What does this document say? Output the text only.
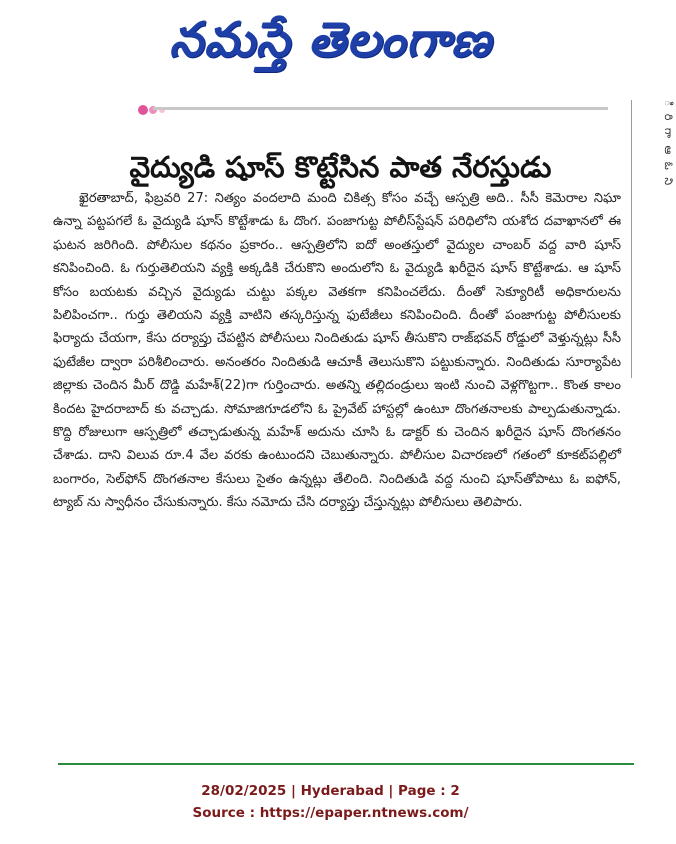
నమస్తే తెలంగాణ
వైద్యుడి షూస్ కొట్టేసిన పాత నేరస్తుడు

ఖైరతాబాద్, ఫిబ్రవరి 27: నిత్యం వందలాది మంది చికిత్స కోసం వచ్చే ఆస్పత్రి అది.. సీసీ కెమెరాల నిఘా ఉన్నా పట్టపగలే ఓ వైద్యుడి షూస్ కొట్టేశాడు ఓ దొంగ. పంజాగుట్ట పోలీస్‌స్టేషన్ పరిధిలోని యశోద దవాఖానలో ఈ ఘటన జరిగింది. పోలీసుల కథనం ప్రకారం.. ఆస్పత్రిలోని ఐదో అంతస్తులో వైద్యుల చాంబర్ వద్ద వారి షూస్ కనిపించింది. ఓ గుర్తుతెలియని వ్యక్తి అక్కడికి చేరుకొని అందులోని ఓ వైద్యుడి ఖరీదైన షూస్ కొట్టేశాడు. ఆ షూస్ కోసం బయటకు వచ్చిన వైద్యుడు చుట్టు పక్కల వెతకగా కనిపించలేదు. దీంతో సెక్యూరిటీ అధికారులను పిలిపించగా.. గుర్తు తెలియని వ్యక్తి వాటిని తస్కరిస్తున్న ఫుటేజీలు కనిపించింది. దీంతో పంజాగుట్ట పోలీసులకు ఫిర్యాదు చేయగా, కేసు దర్యాప్తు చేపట్టిన పోలీసులు నిందితుడు షూస్ తీసుకొని రాజ్‌భవన్ రోడ్డులో వెళ్తున్నట్లు సీసీ ఫుటేజీల ద్వారా పరిశీలించారు. అనంతరం నిందితుడి ఆచూకీ తెలుసుకొని పట్టుకున్నారు. నిందితుడు సూర్యాపేట జిల్లాకు చెందిన మీర్ దొడ్డి మహేశ్(22)గా గుర్తించారు. అతన్ని తల్లిదండ్రులు ఇంటి నుంచి వెళ్లగొట్టగా.. కొంత కాలం కిందట హైదరాబాద్ కు వచ్చాడు. సోమాజిగూడలోని ఓ ప్రైవేట్ హాస్టల్లో ఉంటూ దొంగతనాలకు పాల్పడుతున్నాడు. కొద్ది రోజులుగా ఆస్పత్రిలో తచ్చాడుతున్న మహేశ్ అదును చూసి ఓ డాక్టర్ కు చెందిన ఖరీదైన షూస్ దొంగతనం చేశాడు. దాని విలువ రూ.4 వేల వరకు ఉంటుందని చెబుతున్నారు. పోలీసుల విచారణలో గతంలో కూకట్‌పల్లిలో బంగారం, సెల్‌ఫోన్ దొంగతనాల కేసులు సైతం ఉన్నట్లు తేలింది. నిందితుడి వద్ద నుంచి షూస్‌తోపాటు ఓ ఐఫోన్, ట్యాబ్ ను స్వాధీనం చేసుకున్నారు. కేసు నమోదు చేసి దర్యాప్తు చేస్తున్నట్లు పోలీసులు తెలిపారు.

ి రి గా ఆ ఓ ని
28/02/2025 | Hyderabad | Page : 2
Source : https://epaper.ntnews.com/
